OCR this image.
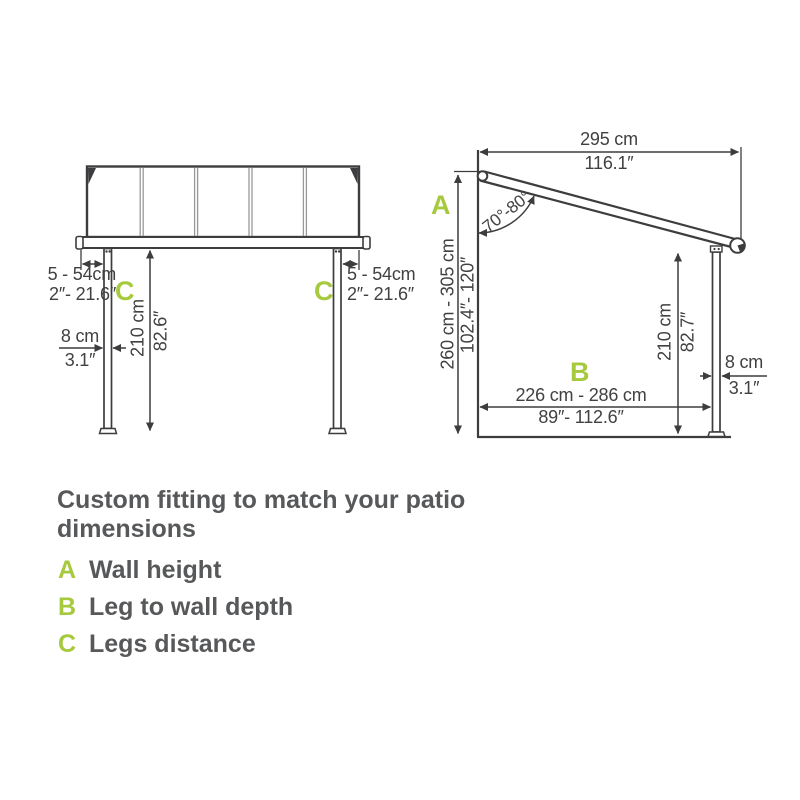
5 - 54cm
2″- 21.6″
5 - 54cm
2″- 21.6″
C	C
8 cm
3.1″
210 cm 82.6″
295 cm
116.1″
A
260 cm - 305 cm 102.4″- 120″
70°-80°
210 cm 82.7″
8 cm
3.1″
B
226 cm - 286 cm
89″- 112.6″
Custom fitting to match your patio dimensions
A Wall height
B Leg to wall depth
C Legs distance
